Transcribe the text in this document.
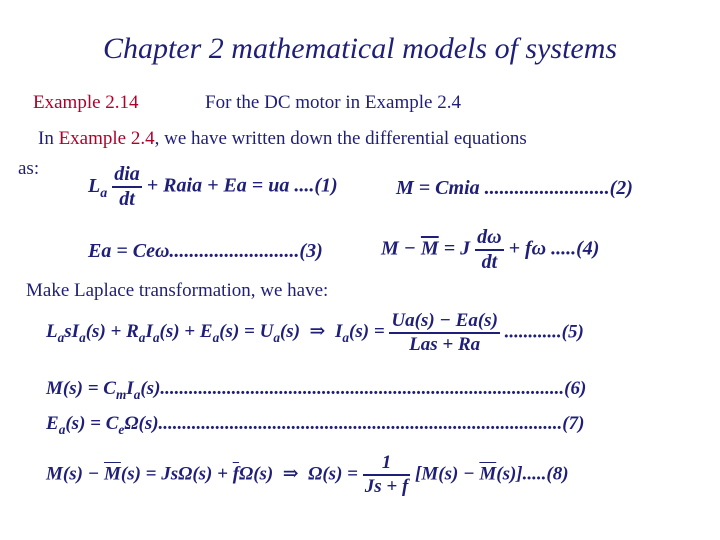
Chapter 2 mathematical models of systems
Example 2.14	For the DC motor in Example 2.4
In Example 2.4, we have written down the differential equations
as:
$L_a \frac{\text{dia}}{dt}$ + Raia + Ea = ua ....(1)	M = Cmia .........................(2)
Ea = Ceω..........................(3)	$M - \overline{M} = J \frac{d\omega}{dt} + f\omega$ .....(4)
Make Laplace transformation, we have:
$L_asI_a(s) + R_aI_a(s) + E_a(s) = U_a(s)$  ⇒  $I_a(s) = \frac{Ua(s) - Ea(s)}{\text{Las + Ra}} ............(5)$
$M(s) = C_mI_a(s).....................................................................................(6)$
$E_a(s) = C_e\Omega(s).....................................................................................(7)$
$M(s) - \overline{M}(s) = Js\Omega(s) + \overline{f}\Omega(s)$  ⇒  $\Omega(s) = \frac{1}{Js + f} [M(s) - \overline{M}(s)].....(8)$
